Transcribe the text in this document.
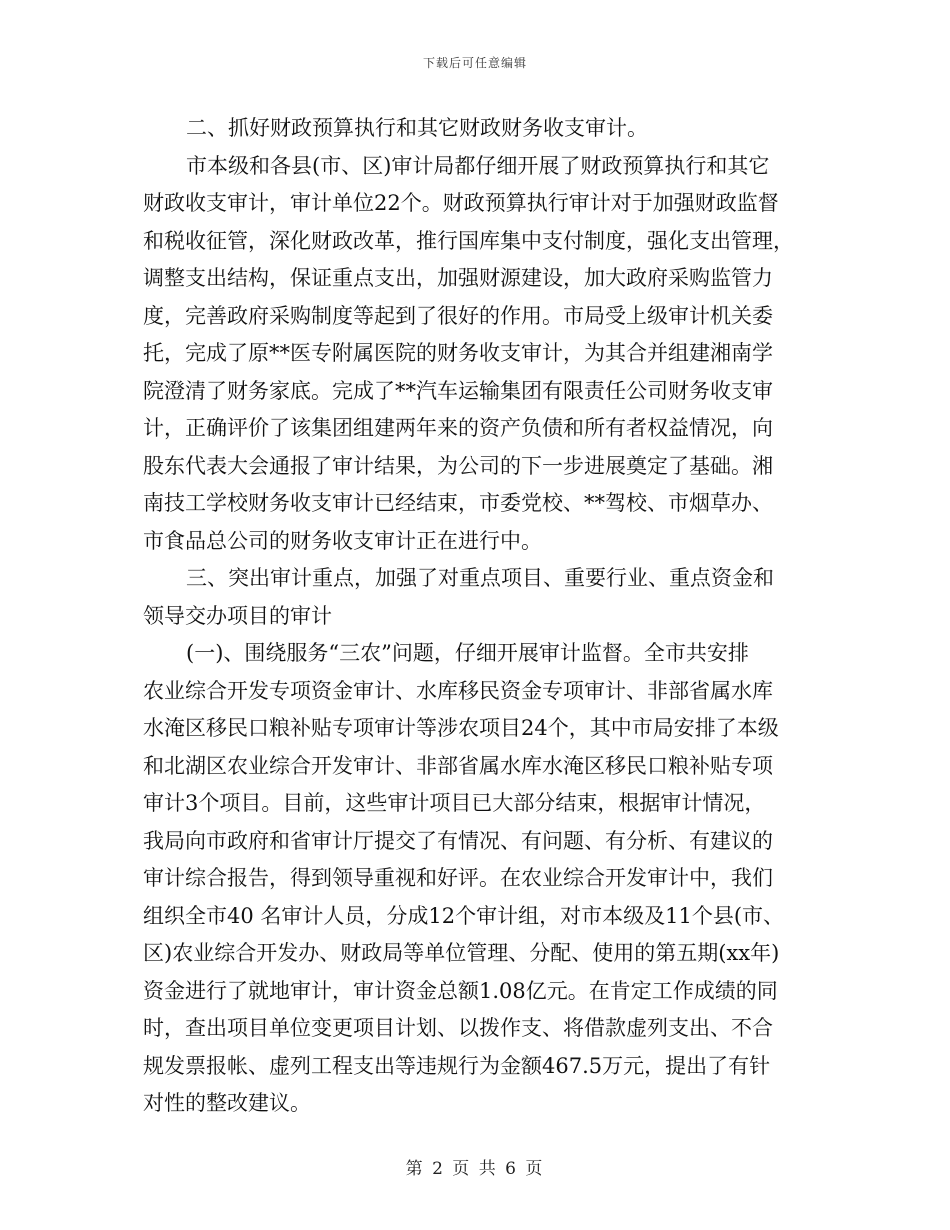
下载后可任意编辑
二、抓好财政预算执行和其它财政财务收支审计。
市本级和各县(市、区)审计局都仔细开展了财政预算执行和其它
财政收支审计，审计单位22个。财政预算执行审计对于加强财政监督
和税收征管，深化财政改革，推行国库集中支付制度，强化支出管理，
调整支出结构，保证重点支出，加强财源建设，加大政府采购监管力
度，完善政府采购制度等起到了很好的作用。市局受上级审计机关委
托，完成了原**医专附属医院的财务收支审计，为其合并组建湘南学
院澄清了财务家底。完成了**汽车运输集团有限责任公司财务收支审
计，正确评价了该集团组建两年来的资产负债和所有者权益情况，向
股东代表大会通报了审计结果，为公司的下一步进展奠定了基础。湘
南技工学校财务收支审计已经结束，市委党校、**驾校、市烟草办、
市食品总公司的财务收支审计正在进行中。
三、突出审计重点，加强了对重点项目、重要行业、重点资金和
领导交办项目的审计
(一)、围绕服务“三农”问题，仔细开展审计监督。全市共安排
农业综合开发专项资金审计、水库移民资金专项审计、非部省属水库
水淹区移民口粮补贴专项审计等涉农项目24个，其中市局安排了本级
和北湖区农业综合开发审计、非部省属水库水淹区移民口粮补贴专项
审计3个项目。目前，这些审计项目已大部分结束，根据审计情况，
我局向市政府和省审计厅提交了有情况、有问题、有分析、有建议的
审计综合报告，得到领导重视和好评。在农业综合开发审计中，我们
组织全市40 名审计人员，分成12个审计组，对市本级及11个县(市、
区)农业综合开发办、财政局等单位管理、分配、使用的第五期(xx年)
资金进行了就地审计，审计资金总额1.08亿元。在肯定工作成绩的同
时，查出项目单位变更项目计划、以拨作支、将借款虚列支出、不合
规发票报帐、虚列工程支出等违规行为金额467.5万元，提出了有针
对性的整改建议。
第 2 页 共 6 页
